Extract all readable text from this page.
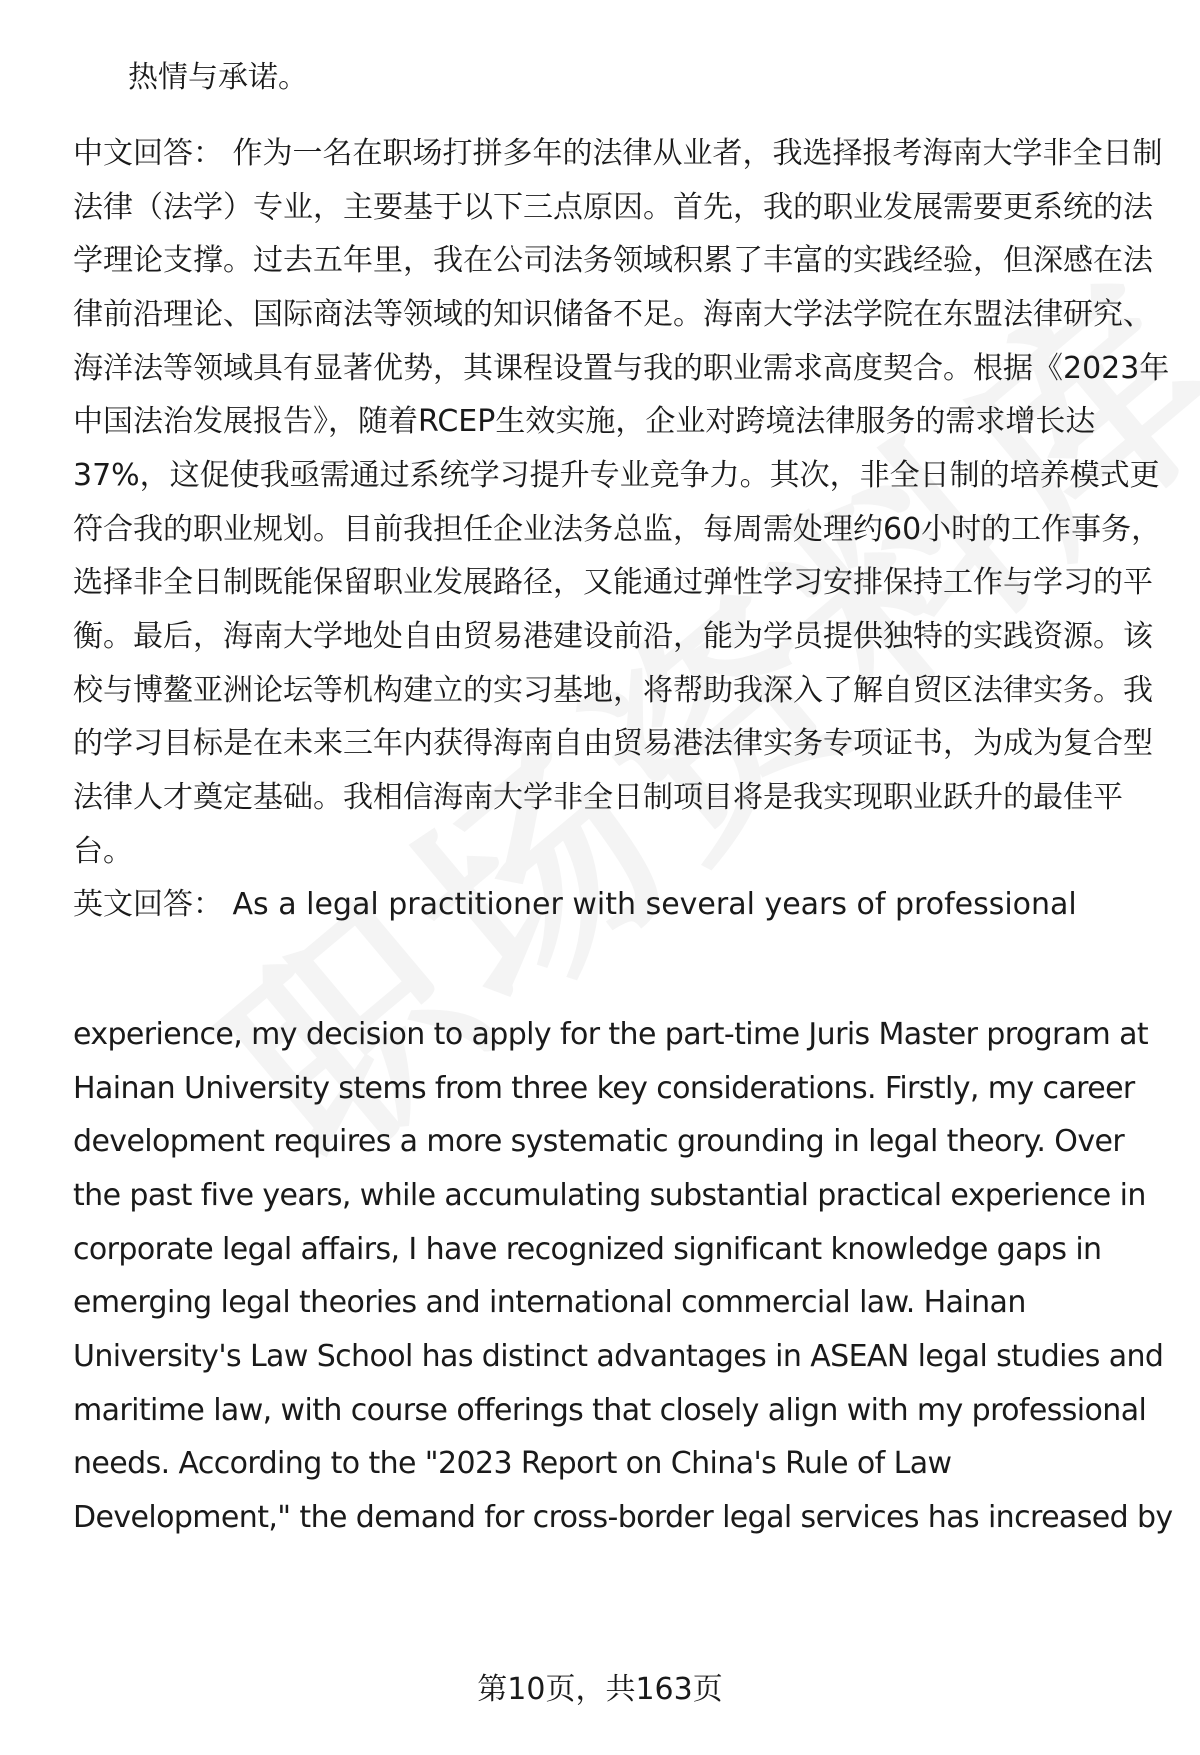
热情与承诺。
中文回答： 作为一名在职场打拼多年的法律从业者，我选择报考海南大学非全日制
法律（法学）专业，主要基于以下三点原因。首先，我的职业发展需要更系统的法
学理论支撑。过去五年里，我在公司法务领域积累了丰富的实践经验，但深感在法
律前沿理论、国际商法等领域的知识储备不足。海南大学法学院在东盟法律研究、
海洋法等领域具有显著优势，其课程设置与我的职业需求高度契合。根据《2023年
中国法治发展报告》，随着RCEP生效实施，企业对跨境法律服务的需求增长达
37%，这促使我亟需通过系统学习提升专业竞争力。其次，非全日制的培养模式更
符合我的职业规划。目前我担任企业法务总监，每周需处理约60小时的工作事务，
选择非全日制既能保留职业发展路径，又能通过弹性学习安排保持工作与学习的平
衡。最后，海南大学地处自由贸易港建设前沿，能为学员提供独特的实践资源。该
校与博鳌亚洲论坛等机构建立的实习基地，将帮助我深入了解自贸区法律实务。我
的学习目标是在未来三年内获得海南自由贸易港法律实务专项证书，为成为复合型
法律人才奠定基础。我相信海南大学非全日制项目将是我实现职业跃升的最佳平
台。
英文回答： As a legal practitioner with several years of professional
experience, my decision to apply for the part-time Juris Master program at
Hainan University stems from three key considerations. Firstly, my career
development requires a more systematic grounding in legal theory. Over
the past five years, while accumulating substantial practical experience in
corporate legal affairs, I have recognized significant knowledge gaps in
emerging legal theories and international commercial law. Hainan
University's Law School has distinct advantages in ASEAN legal studies and
maritime law, with course offerings that closely align with my professional
needs. According to the "2023 Report on China's Rule of Law
Development," the demand for cross-border legal services has increased by
第10页，共163页
